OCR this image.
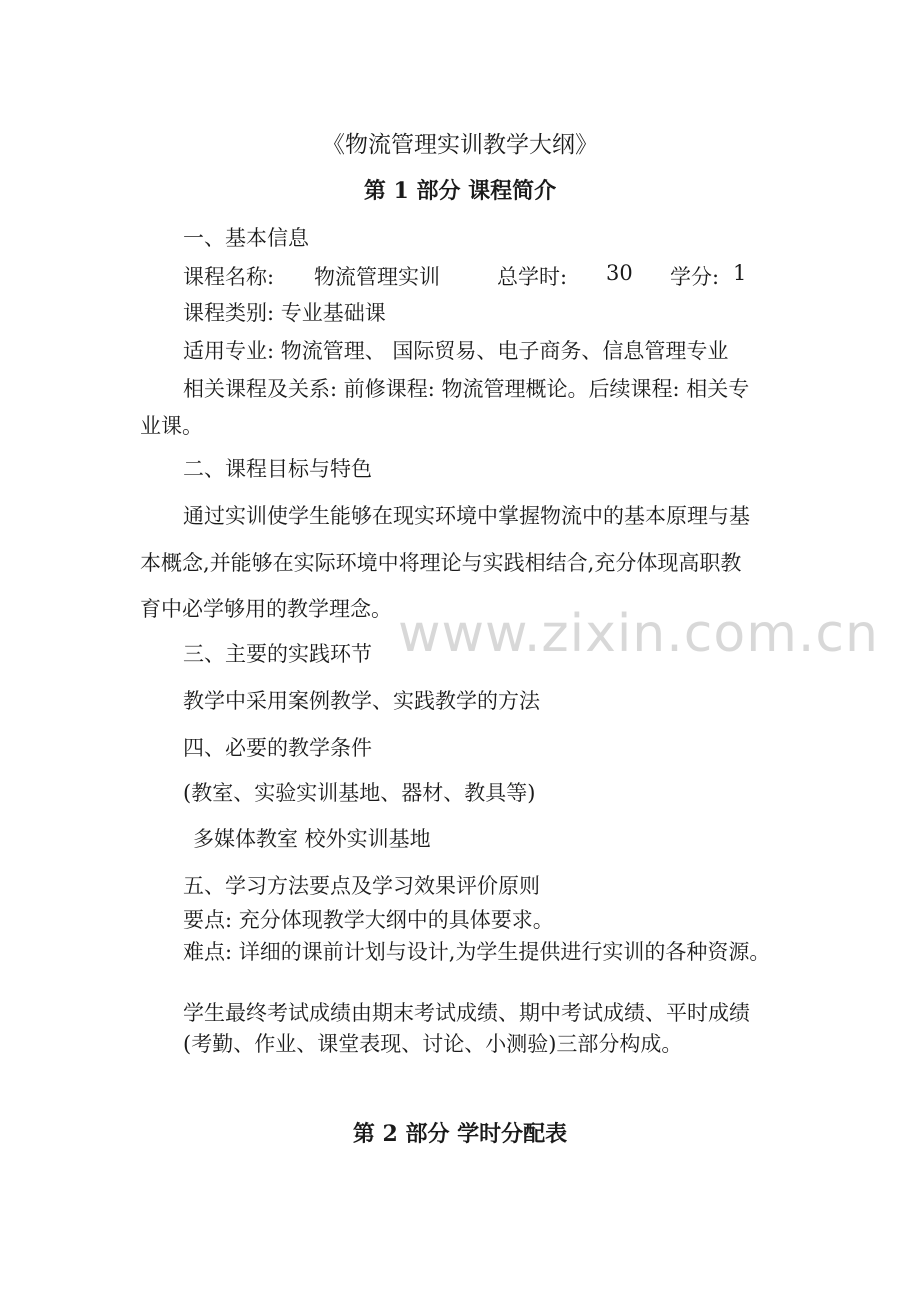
www.zixin.com.cn
《物流管理实训教学大纲》
第 1 部分 课程简介
一、基本信息
课程名称: 物流管理实训	总学时: 30 学分: 1
课程类别: 专业基础课
适用专业: 物流管理、 国际贸易、电子商务、信息管理专业
相关课程及关系: 前修课程: 物流管理概论。后续课程: 相关专
业课。
二、课程目标与特色
通过实训使学生能够在现实环境中掌握物流中的基本原理与基
本概念,并能够在实际环境中将理论与实践相结合,充分体现高职教
育中必学够用的教学理念。
三、主要的实践环节
教学中采用案例教学、实践教学的方法
四、必要的教学条件
(教室、实验实训基地、器材、教具等)
多媒体教室 校外实训基地
五、学习方法要点及学习效果评价原则
要点: 充分体现教学大纲中的具体要求。
难点: 详细的课前计划与设计,为学生提供进行实训的各种资源。
学生最终考试成绩由期末考试成绩、期中考试成绩、平时成绩
(考勤、作业、课堂表现、讨论、小测验)三部分构成。
第 2 部分 学时分配表
